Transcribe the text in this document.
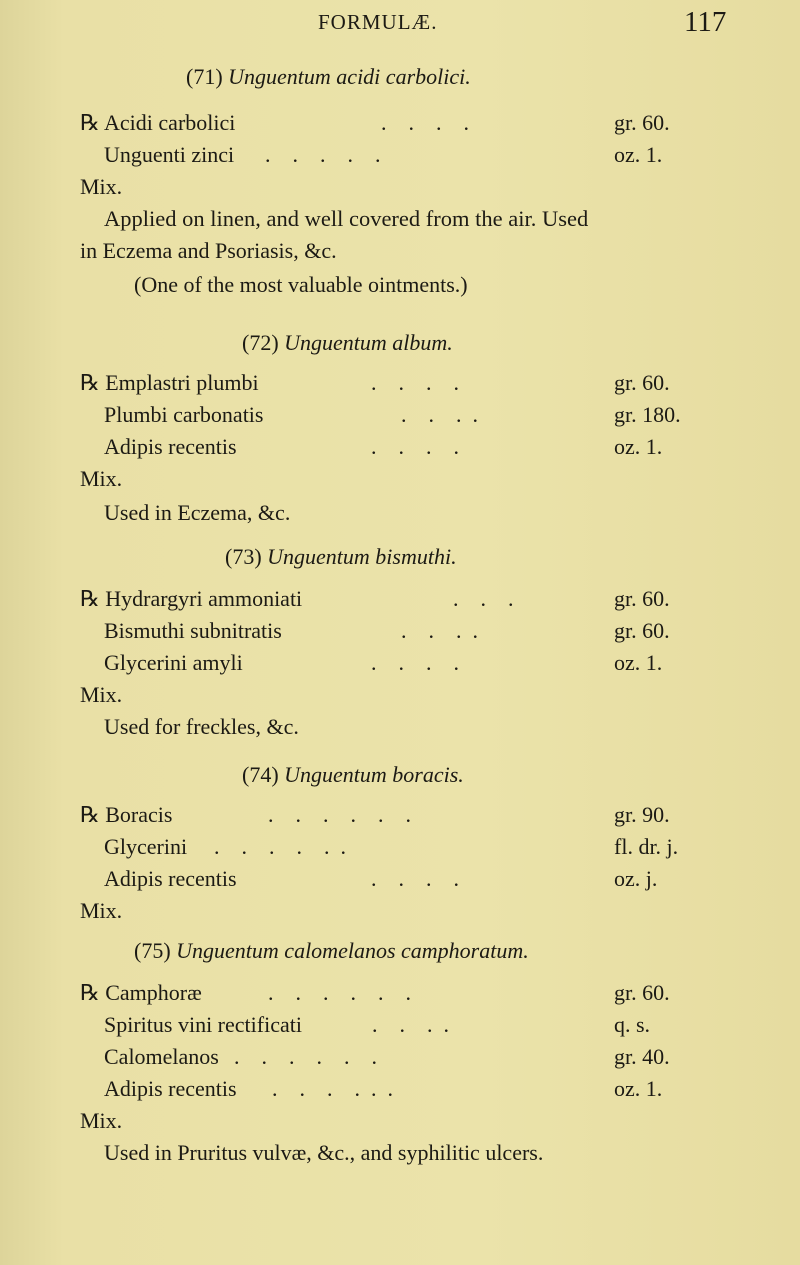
FORMULÆ.	117
(71) Unguentum acidi carbolici.
℞ Acidi carbolici	.    .    .    .	gr. 60.
Unguenti zinci .    .    .    .    .	oz. 1.
Mix.
Applied on linen, and well covered from the air. Used
in Eczema and Psoriasis, &c.
(One of the most valuable ointments.)
(72) Unguentum album.
℞ Emplastri plumbi	.    .    .    .	gr. 60.
Plumbi carbonatis	.    .    .  .	gr. 180.
Adipis recentis	.    .    .    .	oz. 1.
Mix.
Used in Eczema, &c.
(73) Unguentum bismuthi.
℞ Hydrargyri ammoniati	.    .    .	gr. 60.
Bismuthi subnitratis	.    .    .  .	gr. 60.
Glycerini amyli	.    .    .    .	oz. 1.
Mix.
Used for freckles, &c.
(74) Unguentum boracis.
℞ Boracis	.    .    .    .    .    .	gr. 90.
Glycerini .    .    .    .    .  .	fl. dr. j.
Adipis recentis	.    .    .    .	oz. j.
Mix.
(75) Unguentum calomelanos camphoratum.
℞ Camphoræ	.    .    .    .    .    .	gr. 60.
Spiritus vini rectificati	.    .    .  .	q. s.
Calomelanos .    .    .    .    .    .	gr. 40.
Adipis recentis .    .    .    .  .  .	oz. 1.
Mix.
Used in Pruritus vulvæ, &c., and syphilitic ulcers.
